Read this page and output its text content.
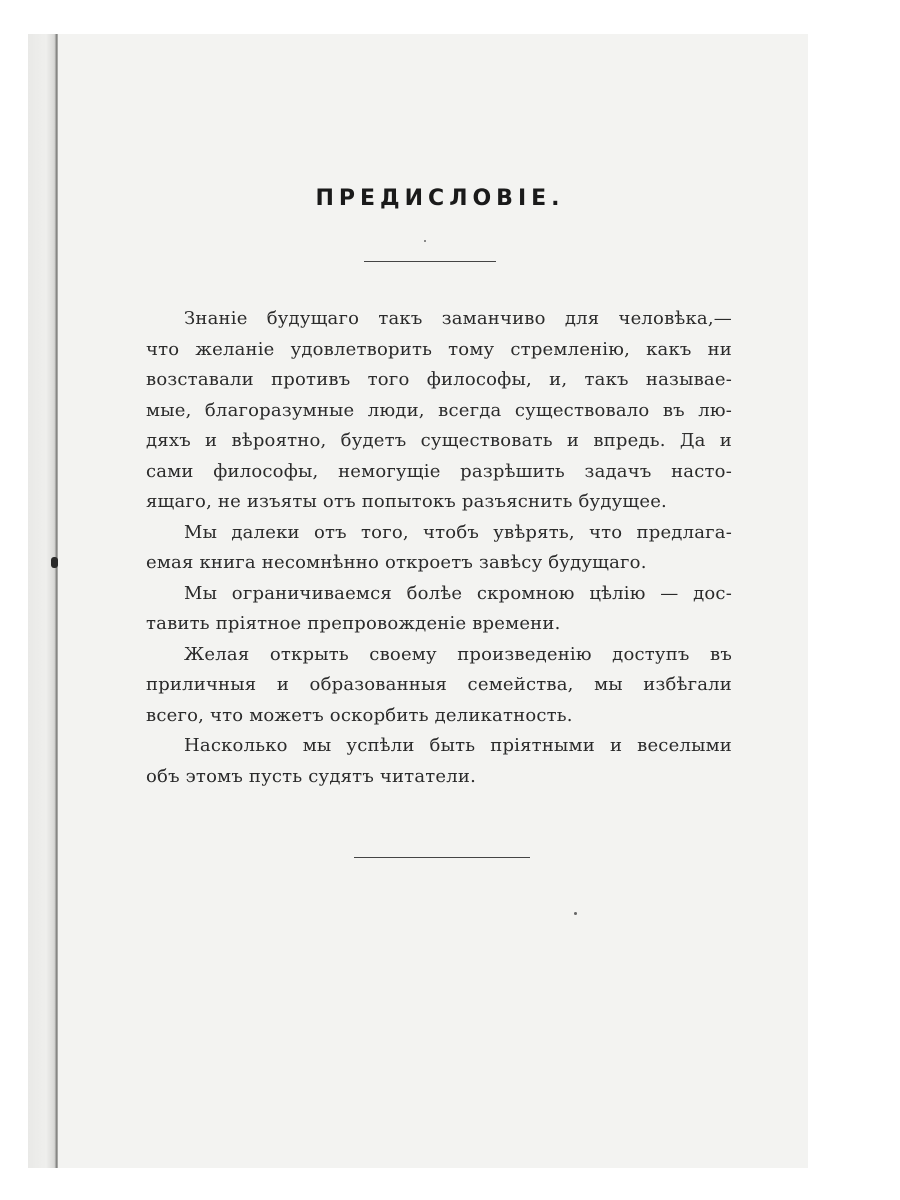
ПРЕДИСЛОВІЕ.
Знаніе будущаго такъ заманчиво для человѣка,—
что желаніе удовлетворить тому стремленію, какъ ни
возставали противъ того философы, и, такъ называе-
мые, благоразумные люди, всегда существовало въ лю-
дяхъ и вѣроятно, будетъ существовать и впредь. Да и
сами философы, немогущіе разрѣшить задачъ насто-
ящаго, не изъяты отъ попытокъ разъяснить будущее.
Мы далеки отъ того, чтобъ увѣрять, что предлага-
емая книга несомнѣнно откроетъ завѣсу будущаго.
Мы ограничиваемся болѣе скромною цѣлію — дос-
тавить пріятное препровожденіе времени.
Желая открыть своему произведенію доступъ въ
приличныя и образованныя семейства, мы избѣгали
всего, что можетъ оскорбить деликатность.
Насколько мы успѣли быть пріятными и веселыми
объ этомъ пусть судятъ читатели.
